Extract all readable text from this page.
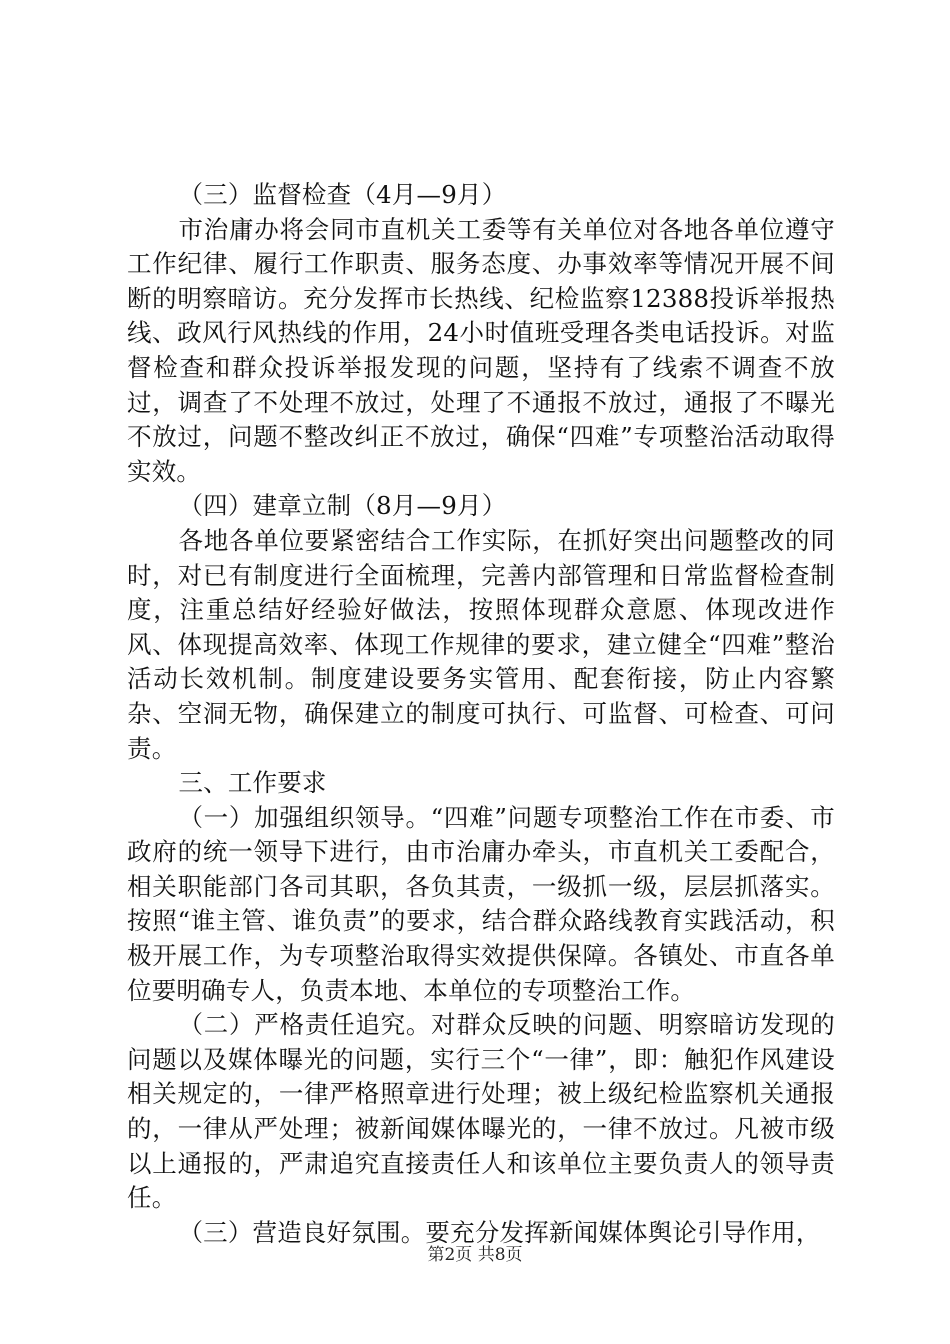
（三）监督检查（4月—9月）

市治庸办将会同市直机关工委等有关单位对各地各单位遵守工作纪律、履行工作职责、服务态度、办事效率等情况开展不间断的明察暗访。充分发挥市长热线、纪检监察12388投诉举报热线、政风行风热线的作用，24小时值班受理各类电话投诉。对监督检查和群众投诉举报发现的问题，坚持有了线索不调查不放过，调查了不处理不放过，处理了不通报不放过，通报了不曝光不放过，问题不整改纠正不放过，确保“四难”专项整治活动取得实效。

（四）建章立制（8月—9月）

各地各单位要紧密结合工作实际，在抓好突出问题整改的同时，对已有制度进行全面梳理，完善内部管理和日常监督检查制度，注重总结好经验好做法，按照体现群众意愿、体现改进作风、体现提高效率、体现工作规律的要求，建立健全“四难”整治活动长效机制。制度建设要务实管用、配套衔接，防止内容繁杂、空洞无物，确保建立的制度可执行、可监督、可检查、可问责。

三、工作要求

（一）加强组织领导。“四难”问题专项整治工作在市委、市政府的统一领导下进行，由市治庸办牵头，市直机关工委配合，相关职能部门各司其职，各负其责，一级抓一级，层层抓落实。按照“谁主管、谁负责”的要求，结合群众路线教育实践活动，积极开展工作，为专项整治取得实效提供保障。各镇处、市直各单位要明确专人，负责本地、本单位的专项整治工作。

（二）严格责任追究。对群众反映的问题、明察暗访发现的问题以及媒体曝光的问题，实行三个“一律”，即：触犯作风建设相关规定的，一律严格照章进行处理；被上级纪检监察机关通报的，一律从严处理；被新闻媒体曝光的，一律不放过。凡被市级以上通报的，严肃追究直接责任人和该单位主要负责人的领导责任。

（三）营造良好氛围。要充分发挥新闻媒体舆论引导作用，

第2页 共8页
